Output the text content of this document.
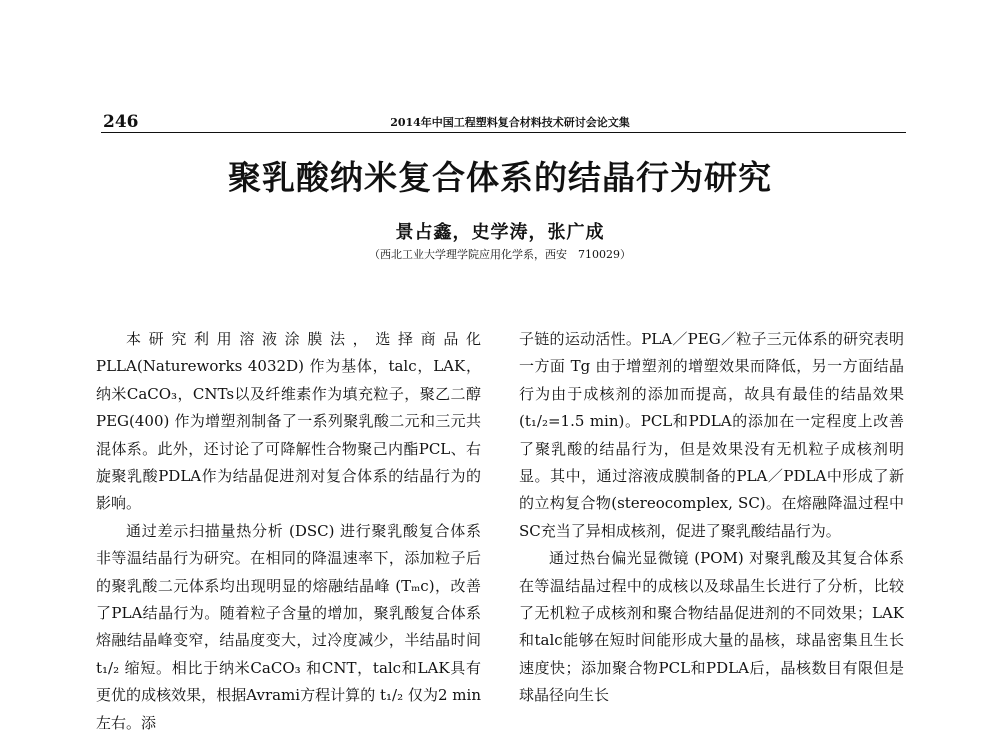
246	2014年中国工程塑料复合材料技术研讨会论文集
聚乳酸纳米复合体系的结晶行为研究
景占鑫，史学涛，张广成
（西北工业大学理学院应用化学系，西安　710029）

本研究利用溶液涂膜法，选择商品化PLLA(Natureworks 4032D) 作为基体，talc，LAK，纳米CaCO₃，CNTs以及纤维素作为填充粒子，聚乙二醇PEG(400) 作为增塑剂制备了一系列聚乳酸二元和三元共混体系。此外，还讨论了可降解性合物聚己内酯PCL、右旋聚乳酸PDLA作为结晶促进剂对复合体系的结晶行为的影响。

通过差示扫描量热分析 (DSC) 进行聚乳酸复合体系非等温结晶行为研究。在相同的降温速率下，添加粒子后的聚乳酸二元体系均出现明显的熔融结晶峰 (Tₘc)，改善了PLA结晶行为。随着粒子含量的增加，聚乳酸复合体系熔融结晶峰变窄，结晶度变大，过冷度减少，半结晶时间 t₁/₂ 缩短。相比于纳米CaCO₃ 和CNT，talc和LAK具有更优的成核效果，根据Avrami方程计算的 t₁/₂ 仅为2 min左右。添

子链的运动活性。PLA／PEG／粒子三元体系的研究表明一方面 Tg 由于增塑剂的增塑效果而降低，另一方面结晶行为由于成核剂的添加而提高，故具有最佳的结晶效果 (t₁/₂=1.5 min)。PCL和PDLA的添加在一定程度上改善了聚乳酸的结晶行为，但是效果没有无机粒子成核剂明显。其中，通过溶液成膜制备的PLA／PDLA中形成了新的立构复合物(stereocomplex, SC)。在熔融降温过程中SC充当了异相成核剂，促进了聚乳酸结晶行为。

通过热台偏光显微镜 (POM) 对聚乳酸及其复合体系在等温结晶过程中的成核以及球晶生长进行了分析，比较了无机粒子成核剂和聚合物结晶促进剂的不同效果；LAK和talc能够在短时间能形成大量的晶核，球晶密集且生长速度快；添加聚合物PCL和PDLA后，晶核数目有限但是球晶径向生长
